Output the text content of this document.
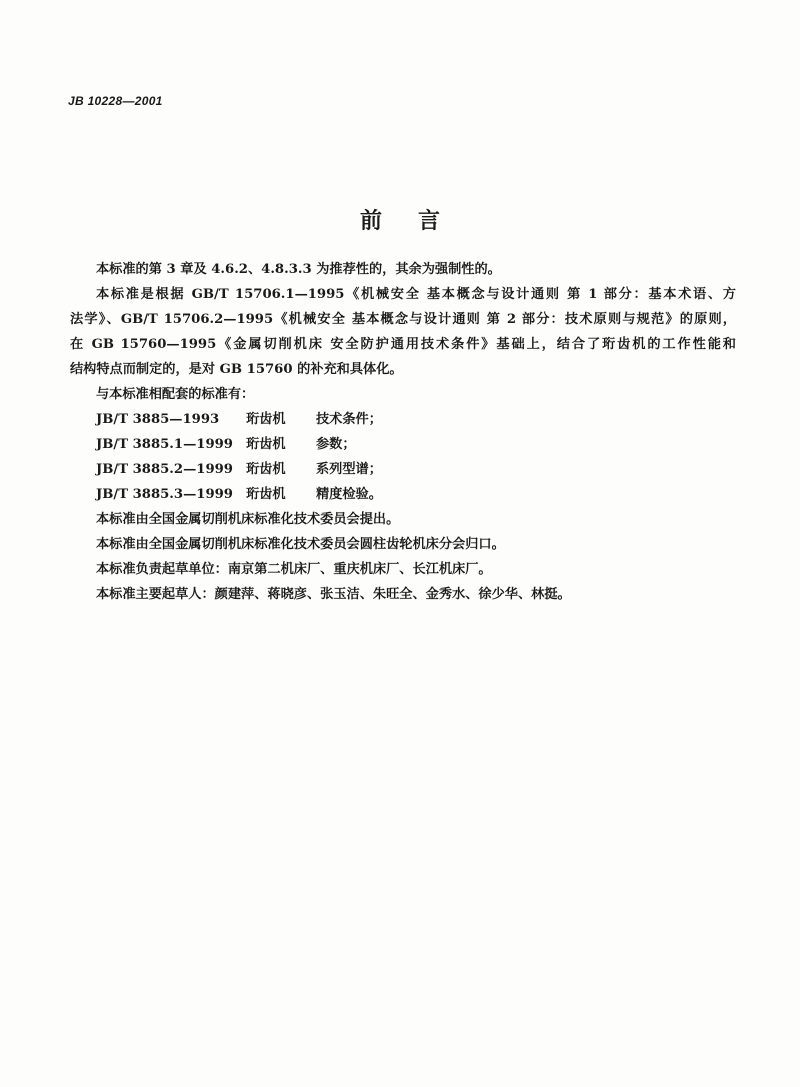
JB 10228—2001
前言

本标准的第 3 章及 4.6.2、4.8.3.3 为推荐性的，其余为强制性的。

本标准是根据 GB/T 15706.1—1995《机械安全 基本概念与设计通则 第 1 部分：基本术语、方
法学》、GB/T 15706.2—1995《机械安全 基本概念与设计通则 第 2 部分：技术原则与规范》的原则，
在 GB 15760—1995《金属切削机床 安全防护通用技术条件》基础上，结合了珩齿机的工作性能和
结构特点而制定的，是对 GB 15760 的补充和具体化。

与本标准相配套的标准有：

JB/T 3885—1993	珩齿机	技术条件；
JB/T 3885.1—1999 珩齿机	参数；
JB/T 3885.2—1999 珩齿机	系列型谱；
JB/T 3885.3—1999 珩齿机	精度检验。

本标准由全国金属切削机床标准化技术委员会提出。

本标准由全国金属切削机床标准化技术委员会圆柱齿轮机床分会归口。

本标准负责起草单位：南京第二机床厂、重庆机床厂、长江机床厂。

本标准主要起草人：颜建萍、蒋晓彦、张玉洁、朱旺全、金秀水、徐少华、林挺。
